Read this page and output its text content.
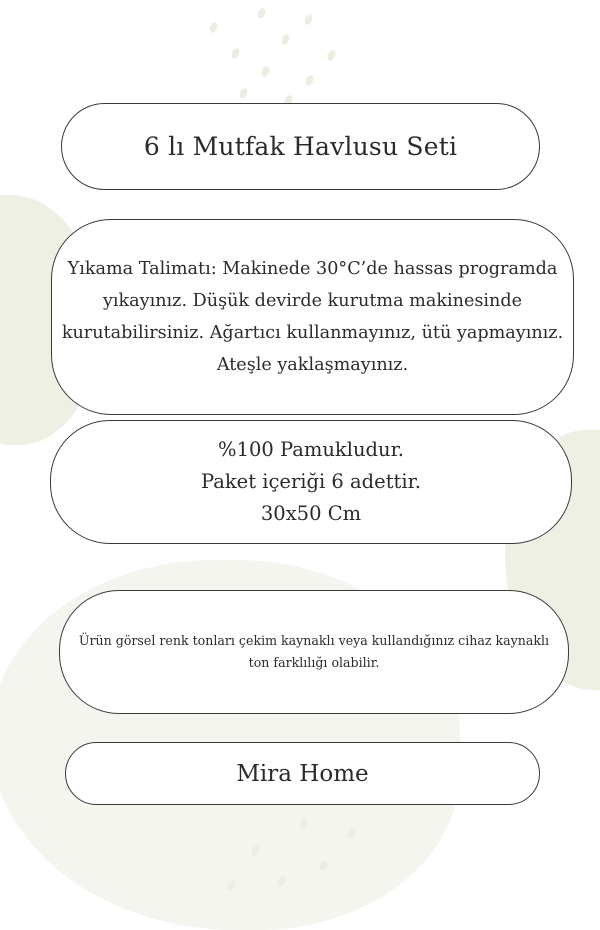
6 lı Mutfak Havlusu Seti
Yıkama Talimatı: Makinede 30°C’de hassas programda
yıkayınız. Düşük devirde kurutma makinesinde
kurutabilirsiniz. Ağartıcı kullanmayınız, ütü yapmayınız.
Ateşle yaklaşmayınız.
%100 Pamukludur.
Paket içeriği 6 adettir.
30x50 Cm
Ürün görsel renk tonları çekim kaynaklı veya kullandığınız cihaz kaynaklı
ton farklılığı olabilir.
Mira Home
